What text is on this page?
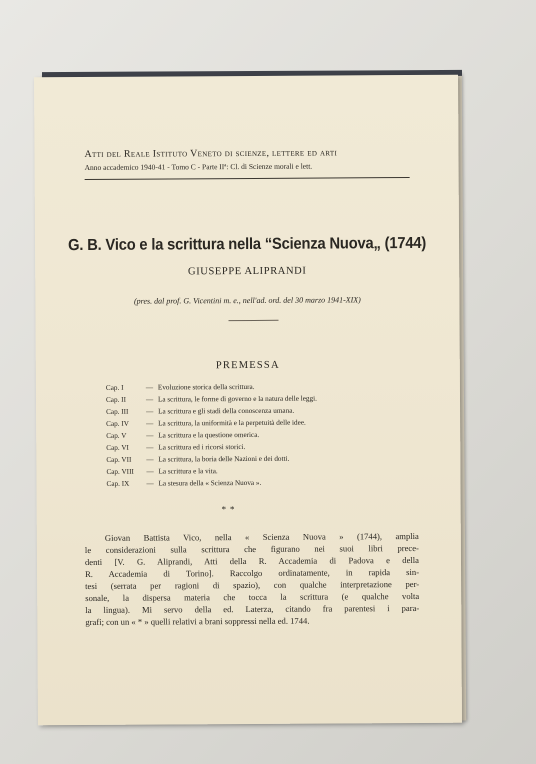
Atti del Reale Istituto Veneto di scienze, lettere ed arti
Anno accademico 1940-41 - Tomo C - Parte IIª: Cl. di Scienze morali e lett.
G. B. Vico e la scrittura nella “Scienza Nuova„ (1744)
GIUSEPPE ALIPRANDI
(pres. dal prof. G. Vicentini m. e., nell'ad. ord. del 30 marzo 1941-XIX)
PREMESSA
Cap. I	— Evoluzione storica della scrittura.
Cap. II	— La scrittura, le forme di governo e la natura delle leggi.
Cap. III	— La scrittura e gli stadi della conoscenza umana.
Cap. IV	— La scrittura, la uniformità e la perpetuità delle idee.
Cap. V	— La scrittura e la questione omerica.
Cap. VI	— La scrittura ed i ricorsi storici.
Cap. VII	— La scrittura, la boria delle Nazioni e dei dotti.
Cap. VIII	— La scrittura e la vita.
Cap. IX	— La stesura della « Scienza Nuova ».
* *
Giovan Battista Vico, nella « Scienza Nuova » (1744), amplia
le considerazioni sulla scrittura che figurano nei suoi libri prece-
denti [V. G. Aliprandi, Atti della R. Accademia di Padova e della
R. Accademia di Torino]. Raccolgo ordinatamente, in rapida sin-
tesi (serrata per ragioni di spazio), con qualche interpretazione per-
sonale, la dispersa materia che tocca la scrittura (e qualche volta
la lingua). Mi servo della ed. Laterza, citando fra parentesi i para-
grafi; con un « * » quelli relativi a brani soppressi nella ed. 1744.
